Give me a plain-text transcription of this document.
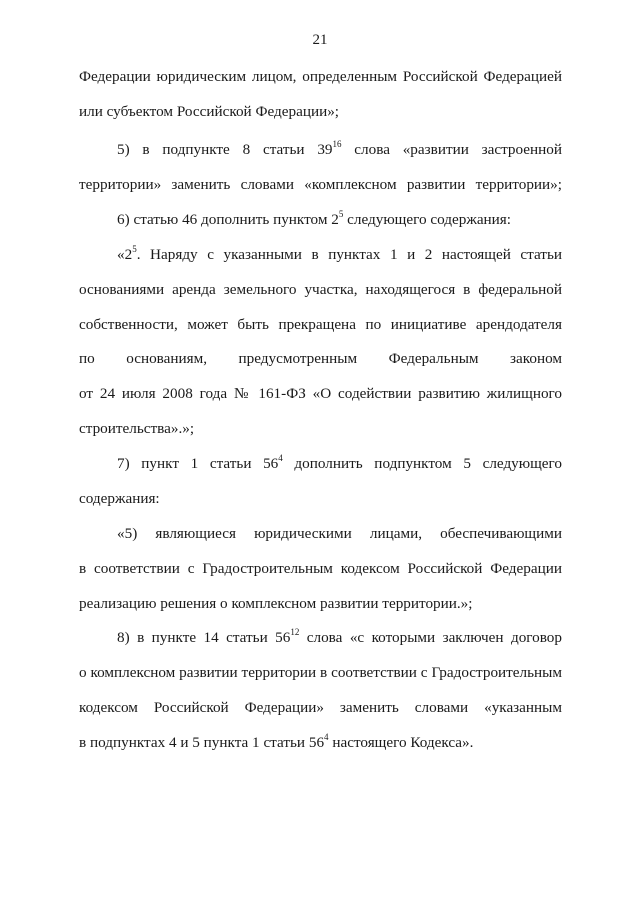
21
Федерации юридическим лицом, определенным Российской Федерацией
или субъектом Российской Федерации»;
5) в подпункте 8 статьи $39^{16}$ слова «развитии застроенной
территории» заменить словами «комплексном развитии территории»;
6) статью 46 дополнить пунктом $2^5$ следующего содержания:
«$2^5$. Наряду с указанными в пунктах 1 и 2 настоящей статьи
основаниями аренда земельного участка, находящегося в федеральной
собственности, может быть прекращена по инициативе арендодателя
по основаниям, предусмотренным Федеральным законом
от 24 июля 2008 года № 161-ФЗ «О содействии развитию жилищного
строительства».»;
7) пункт 1 статьи $56^4$ дополнить подпунктом 5 следующего
содержания:
«5) являющиеся юридическими лицами, обеспечивающими
в соответствии с Градостроительным кодексом Российской Федерации
реализацию решения о комплексном развитии территории.»;
8) в пункте 14 статьи $56^{12}$ слова «с которыми заключен договор
о комплексном развитии территории в соответствии с Градостроительным
кодексом Российской Федерации» заменить словами «указанным
в подпунктах 4 и 5 пункта 1 статьи $56^4$ настоящего Кодекса».
